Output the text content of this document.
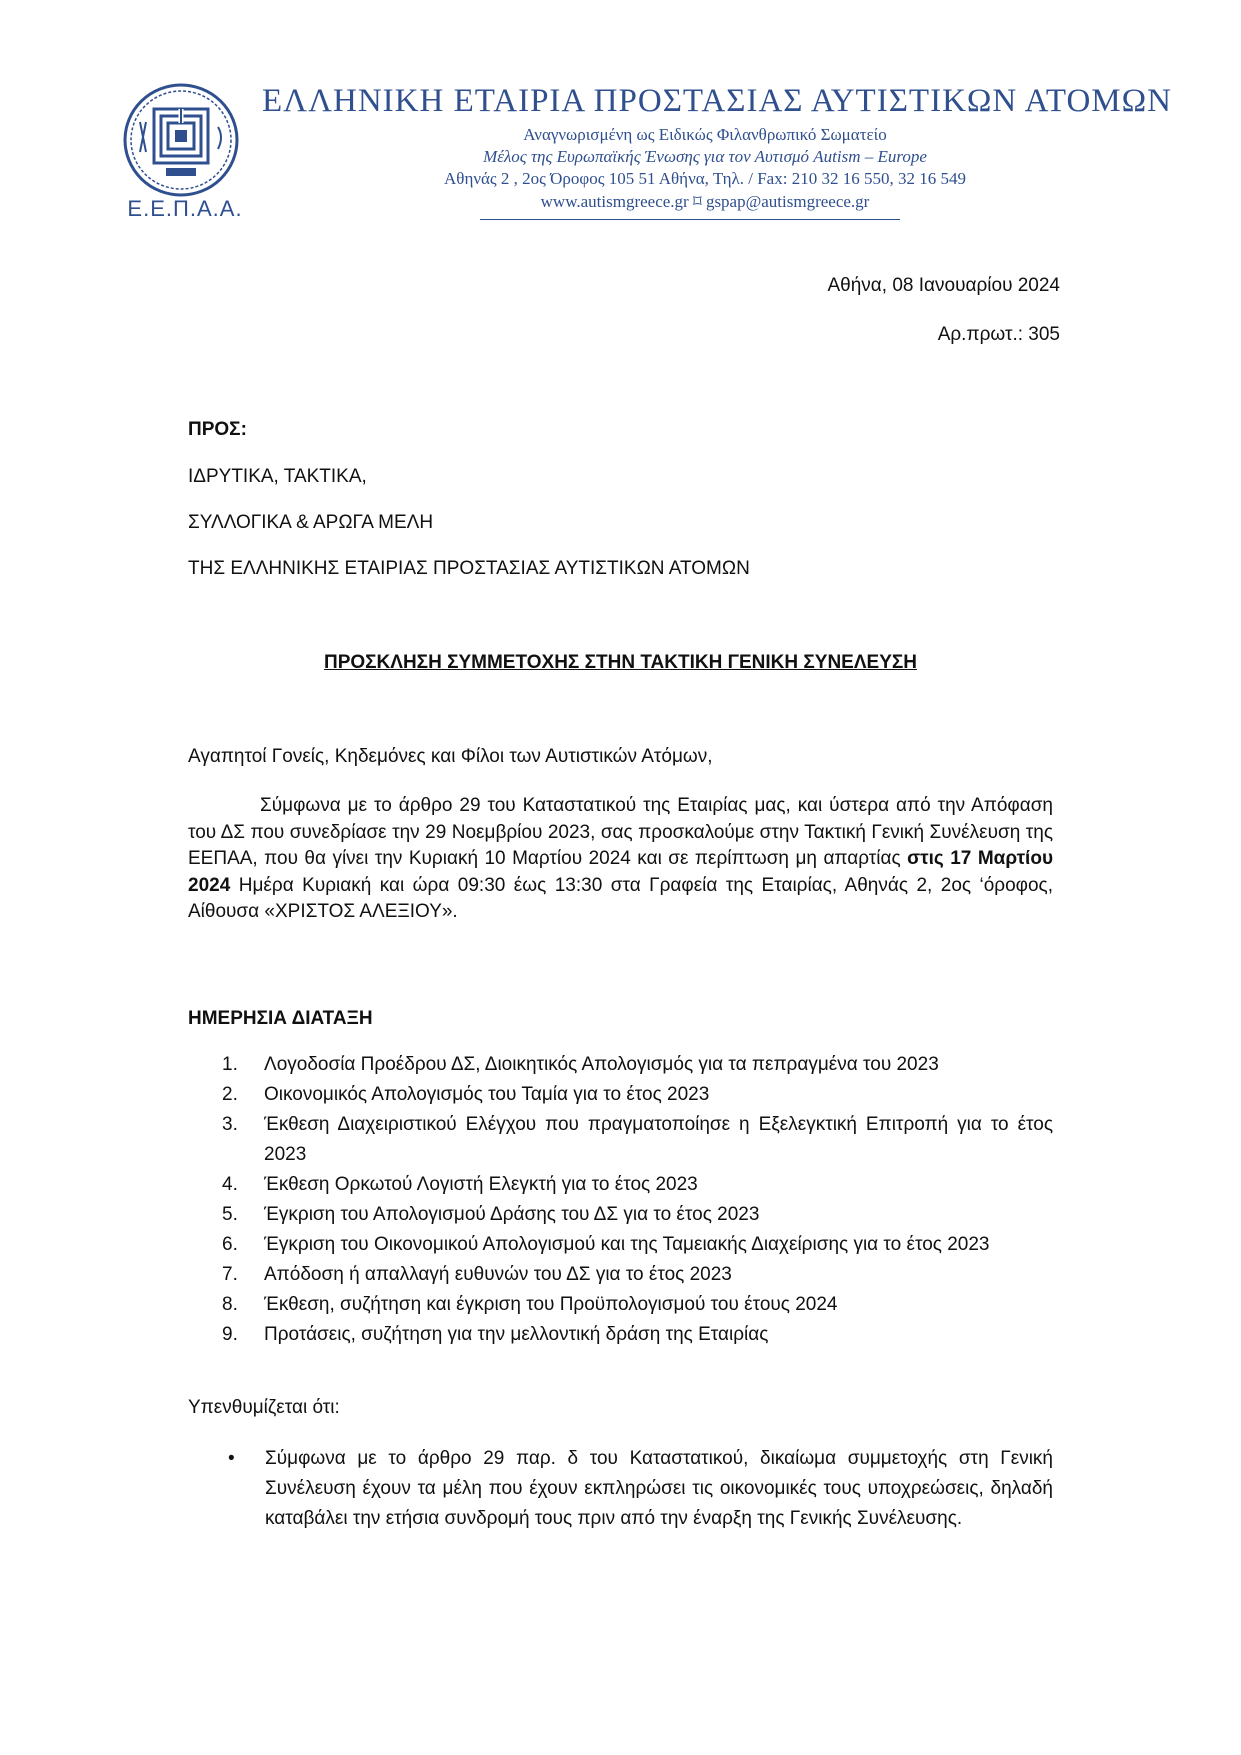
Ε.Ε.Π.Α.Α.
ΕΛΛΗΝΙΚΗ ΕΤΑΙΡΙΑ ΠΡΟΣΤΑΣΙΑΣ ΑΥΤΙΣΤΙΚΩΝ ΑΤΟΜΩΝ
Αναγνωρισμένη ως Ειδικώς Φιλανθρωπικό Σωματείο
Μέλος της Ευρωπαϊκής Ένωσης για τον Αυτισμό Autism – Europe
Αθηνάς 2 , 2ος Όροφος 105 51 Αθήνα, Τηλ. / Fax: 210 32 16 550, 32 16 549
www.autismgreece.gr ⌑ gspap@autismgreece.gr
Αθήνα, 08 Ιανουαρίου 2024
Αρ.πρωτ.: 305
ΠΡΟΣ:
ΙΔΡΥΤΙΚΑ, ΤΑΚΤΙΚΑ,
ΣΥΛΛΟΓΙΚΑ & ΑΡΩΓΑ ΜΕΛΗ
ΤΗΣ ΕΛΛΗΝΙΚΗΣ ΕΤΑΙΡΙΑΣ ΠΡΟΣΤΑΣΙΑΣ ΑΥΤΙΣΤΙΚΩΝ ΑΤΟΜΩΝ
ΠΡΟΣΚΛΗΣΗ ΣΥΜΜΕΤΟΧΗΣ ΣΤΗΝ ΤΑΚΤΙΚΗ ΓΕΝΙΚΗ ΣΥΝΕΛΕΥΣΗ
Αγαπητοί Γονείς, Κηδεμόνες και Φίλοι των Αυτιστικών Ατόμων,
Σύμφωνα με το άρθρο 29 του Καταστατικού της Εταιρίας μας, και ύστερα από την Απόφαση του ΔΣ που συνεδρίασε την 29 Νοεμβρίου 2023, σας προσκαλούμε στην Τακτική Γενική Συνέλευση της ΕΕΠΑΑ, που θα γίνει την Κυριακή 10 Μαρτίου 2024 και σε περίπτωση μη απαρτίας στις 17 Μαρτίου 2024 Ημέρα Κυριακή και ώρα 09:30 έως 13:30 στα Γραφεία της Εταιρίας, Αθηνάς 2, 2ος ‘όροφος, Αίθουσα «ΧΡΙΣΤΟΣ ΑΛΕΞΙΟΥ».
ΗΜΕΡΗΣΙΑ ΔΙΑΤΑΞΗ
1.	Λογοδοσία Προέδρου ΔΣ, Διοικητικός Απολογισμός για τα πεπραγμένα του 2023
2.	Οικονομικός Απολογισμός του Ταμία για το έτος 2023
3.	Έκθεση Διαχειριστικού Ελέγχου που πραγματοποίησε η Εξελεγκτική Επιτροπή για το έτος 2023
4.	Έκθεση Ορκωτού Λογιστή Ελεγκτή για το έτος 2023
5.	Έγκριση του Απολογισμού Δράσης του ΔΣ για το έτος 2023
6.	Έγκριση του Οικονομικού Απολογισμού και της Ταμειακής Διαχείρισης για το έτος 2023
7.	Απόδοση ή απαλλαγή ευθυνών του ΔΣ για το έτος 2023
8.	Έκθεση, συζήτηση και έγκριση του Προϋπολογισμού του έτους 2024
9.	Προτάσεις, συζήτηση για την μελλοντική δράση της Εταιρίας
Υπενθυμίζεται ότι:
• Σύμφωνα με το άρθρο 29 παρ. δ του Καταστατικού, δικαίωμα συμμετοχής στη Γενική Συνέλευση έχουν τα μέλη που έχουν εκπληρώσει τις οικονομικές τους υποχρεώσεις, δηλαδή καταβάλει την ετήσια συνδρομή τους πριν από την έναρξη της Γενικής Συνέλευσης.
